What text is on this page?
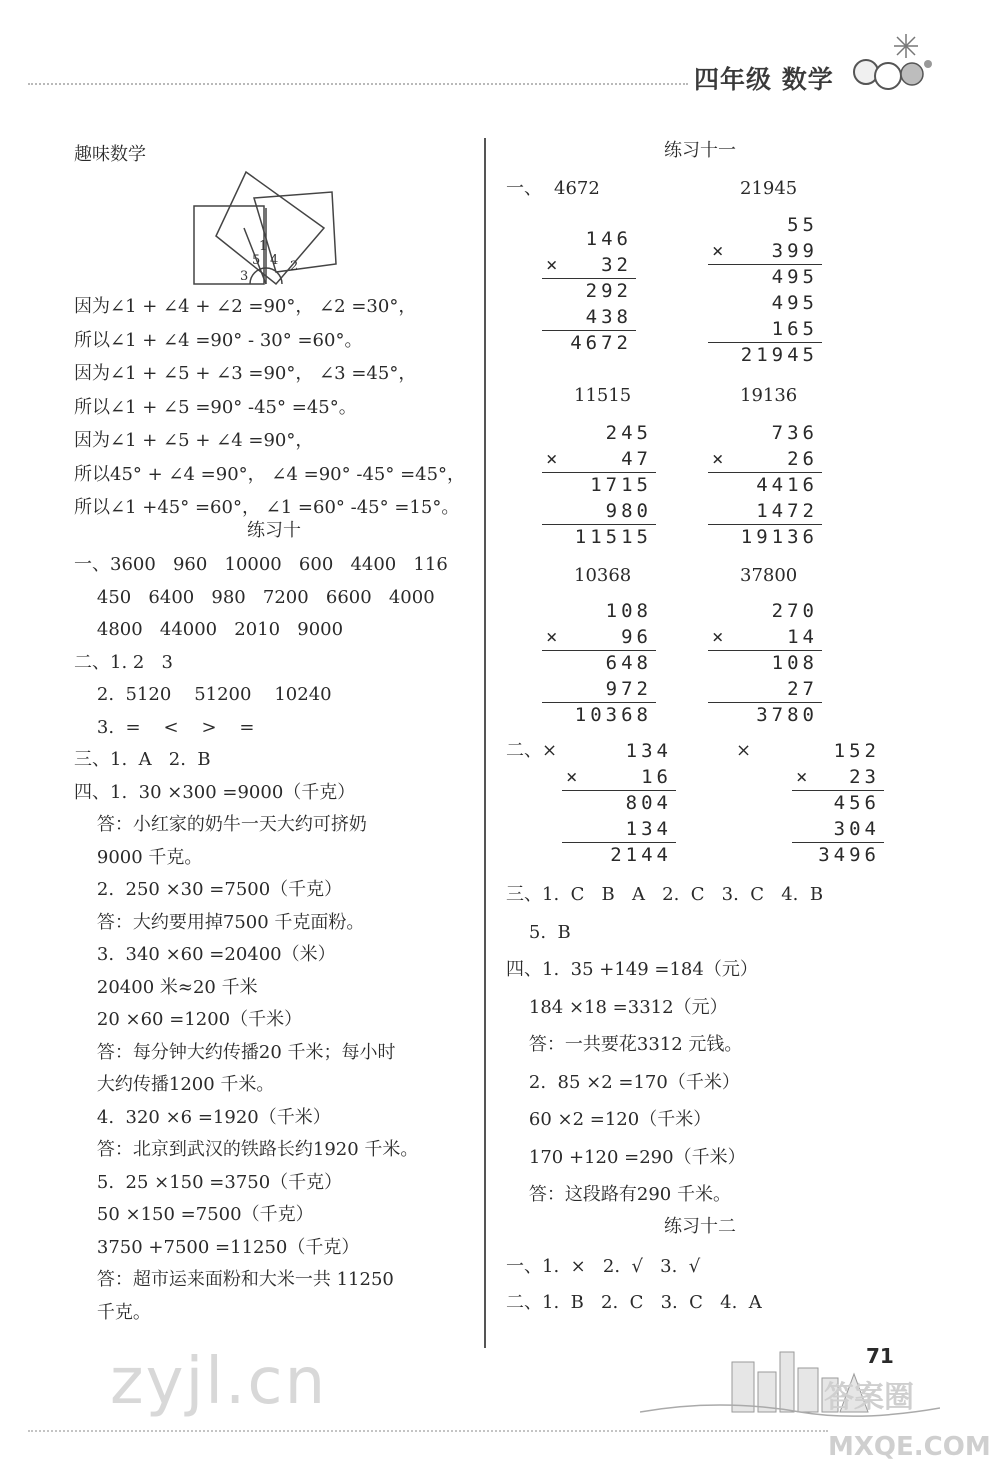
四年级 数学
趣味数学
1
5 4
3
2
因为∠1 + ∠4 + ∠2 =90°， ∠2 =30°，
所以∠1 + ∠4 =90° - 30° =60°。
因为∠1 + ∠5 + ∠3 =90°， ∠3 =45°，
所以∠1 + ∠5 =90° -45° =45°。
因为∠1 + ∠5 + ∠4 =90°，
所以45° + ∠4 =90°， ∠4 =90° -45° =45°，
所以∠1 +45° =60°， ∠1 =60° -45° =15°。
练习十
一、3600   960   10000   600   4400   116
450   6400   980   7200   6600   4000
4800   44000   2010   9000
二、1. 2   3
2.  5120    51200    10240
3.  =    <    >    =
三、1.  A   2.  B
四、1.  30 ×300 =9000（千克）
答：小红家的奶牛一天大约可挤奶
9000 千克。
2.  250 ×30 =7500（千克）
答：大约要用掉7500 千克面粉。
3.  340 ×60 =20400（米）
20400 米≈20 千米
20 ×60 =1200（千米）
答：每分钟大约传播20 千米；每小时
大约传播1200 千米。
4.  320 ×6 =1920（千米）
答：北京到武汉的铁路长约1920 千米。
5.  25 ×150 =3750（千克）
50 ×150 =7500（千克）
3750 +7500 =11250（千克）
答：超市运来面粉和大米一共 11250
千克。
练习十一
一、 4672
146
× 32
292
438
4672
21945
55
× 399
495
495
165
21945
11515
245
×	47
1715
980
11515
19136
736
×	26
4416
1472
19136
10368
108
×	96
648
972
10368
37800
270
×	14
108
27
3780
134
×	16
804
134
2144
152
× 23
456
304
3496
二、×	×
三、1.  C   B   A   2.  C   3.  C   4.  B
5.  B
四、1.  35 +149 =184（元）
184 ×18 =3312（元）
答：一共要花3312 元钱。
2.  85 ×2 =170（千米）
60 ×2 =120（千米）
170 +120 =290（千米）
答：这段路有290 千米。
练习十二
一、1.  ×   2.  √   3.  √
二、1.  B   2.  C   3.  C   4.  A
71
zyjl.cn	答案圈
MXQE.COM
